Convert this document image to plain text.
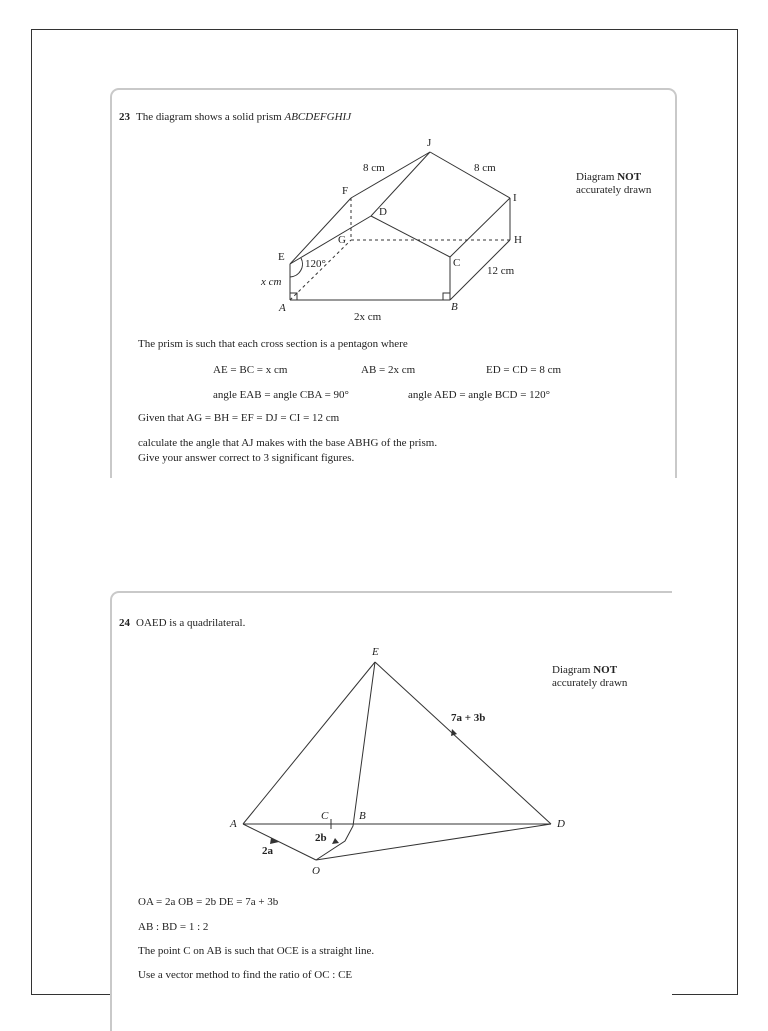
23 The diagram shows a solid prism ABCDEFGHIJ
Diagram NOT
accurately drawn
J
8 cm	8 cm
F
I
D
G	H
E
120°	C
12 cm
x cm
A	B
2x cm
The prism is such that each cross section is a pentagon where
AE = BC = x cm	AB = 2x cm	ED = CD = 8 cm
angle EAB = angle CBA = 90°	angle AED = angle BCD = 120°
Given that AG = BH = EF = DJ = CI = 12 cm
calculate the angle that AJ makes with the base ABHG of the prism.
Give your answer correct to 3 significant figures.
24 OAED is a quadrilateral.
Diagram NOT
accurately drawn
E
7a + 3b
A
C	B
D
2b
2a
O
OA = 2a OB = 2b DE = 7a + 3b
AB : BD = 1 : 2
The point C on AB is such that OCE is a straight line.
Use a vector method to find the ratio of OC : CE
